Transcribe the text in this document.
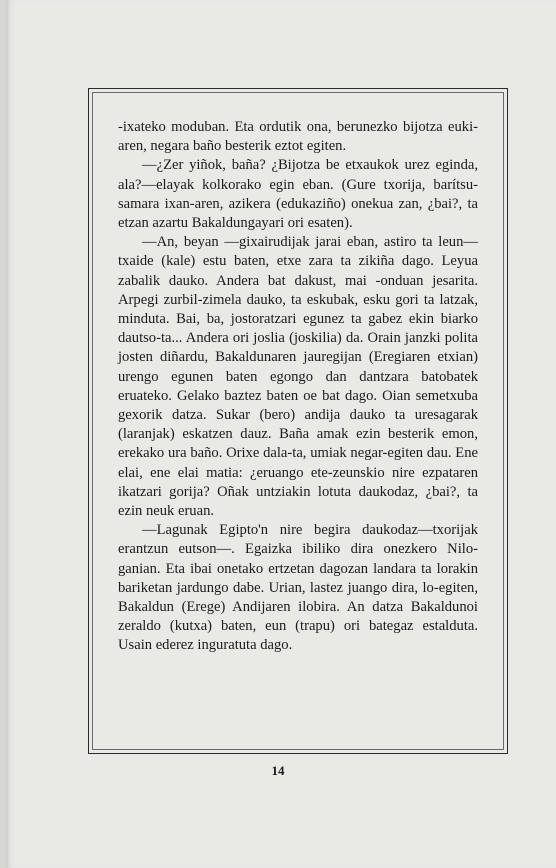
-ixateko moduban. Eta ordutik ona, berunezko bijotza euki-aren, negara baño besterik eztot egiten.

—¿Zer yiñok, baña? ¿Bijotza be etxaukok urez eginda, ala?—elayak kolkorako egin eban. (Gure txorija, barítsu-samara ixan-aren, azikera (edukaziño) onekua zan, ¿bai?, ta etzan azartu Bakaldungayari ori esaten).

—An, beyan —gixairudijak jarai eban, astiro ta leun— txaide (kale) estu baten, etxe zara ta zikiña dago. Leyua zabalik dauko. Andera bat dakust, mai -onduan jesarita. Arpegi zurbil-zimela dauko, ta eskubak, esku gori ta latzak, minduta. Bai, ba, jostoratzari egunez ta gabez ekin biarko dautso-ta... Andera ori joslia (joskilia) da. Orain janzki polita josten diñardu, Bakaldunaren jauregijan (Eregiaren etxian) urengo egunen baten egongo dan dantzara batobatek eruateko. Gelako baztez baten oe bat dago. Oian semetxuba gexorik datza. Sukar (bero) andija dauko ta uresagarak (laranjak) eskatzen dauz. Baña amak ezin besterik emon, erekako ura baño. Orixe dala-ta, umiak negar-egiten dau. Ene elai, ene elai matia: ¿eruango ete-zeunskio nire ezpataren ikatzari gorija? Oñak untziakin lotuta daukodaz, ¿bai?, ta ezin neuk eruan.

—Lagunak Egipto'n nire begira daukodaz—txorijak erantzun eutson—. Egaizka ibiliko dira onezkero Nilo-ganian. Eta ibai onetako ertzetan dagozan landara ta lorakin bariketan jardungo dabe. Urian, lastez juango dira, lo-egiten, Bakaldun (Erege) Andijaren ilobira. An datza Bakaldunoi zeraldo (kutxa) baten, eun (trapu) ori bategaz estalduta. Usain ederez inguratuta dago.

14
